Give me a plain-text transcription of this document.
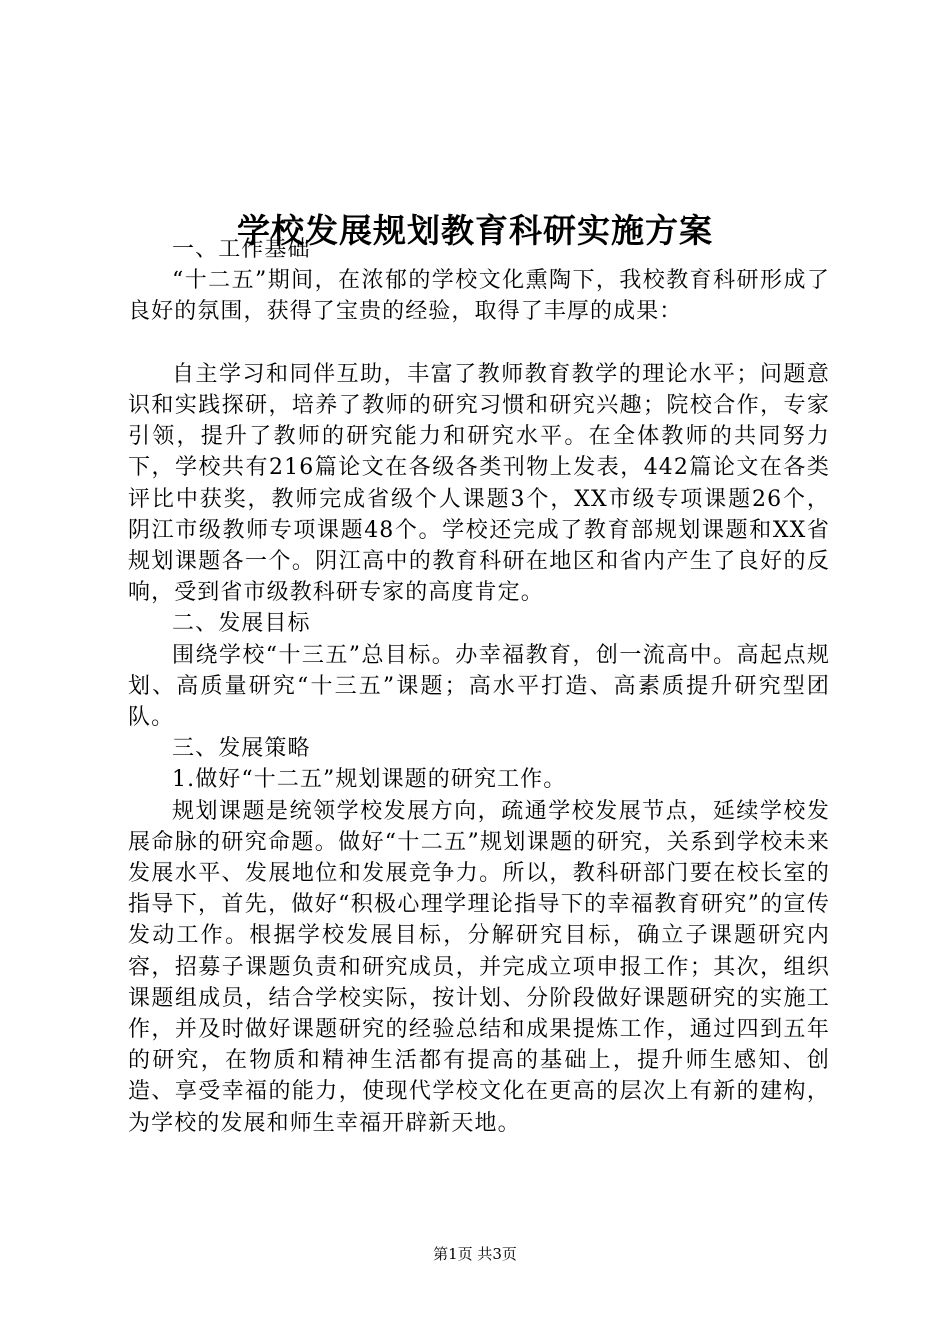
学校发展规划教育科研实施方案

一、工作基础

“十二五”期间，在浓郁的学校文化熏陶下，我校教育科研形成了良好的氛围，获得了宝贵的经验，取得了丰厚的成果：

自主学习和同伴互助，丰富了教师教育教学的理论水平；问题意识和实践探研，培养了教师的研究习惯和研究兴趣；院校合作，专家引领，提升了教师的研究能力和研究水平。在全体教师的共同努力下，学校共有216篇论文在各级各类刊物上发表，442篇论文在各类评比中获奖，教师完成省级个人课题3个，XX市级专项课题26个，阴江市级教师专项课题48个。学校还完成了教育部规划课题和XX省规划课题各一个。阴江高中的教育科研在地区和省内产生了良好的反响，受到省市级教科研专家的高度肯定。

二、发展目标

围绕学校“十三五”总目标。办幸福教育，创一流高中。高起点规划、高质量研究“十三五”课题；高水平打造、高素质提升研究型团队。

三、发展策略

1.做好“十二五”规划课题的研究工作。

规划课题是统领学校发展方向，疏通学校发展节点，延续学校发展命脉的研究命题。做好“十二五”规划课题的研究，关系到学校未来发展水平、发展地位和发展竞争力。所以，教科研部门要在校长室的指导下，首先，做好“积极心理学理论指导下的幸福教育研究”的宣传发动工作。根据学校发展目标，分解研究目标，确立子课题研究内容，招募子课题负责和研究成员，并完成立项申报工作；其次，组织课题组成员，结合学校实际，按计划、分阶段做好课题研究的实施工作，并及时做好课题研究的经验总结和成果提炼工作，通过四到五年的研究，在物质和精神生活都有提高的基础上，提升师生感知、创造、享受幸福的能力，使现代学校文化在更高的层次上有新的建构，为学校的发展和师生幸福开辟新天地。

第1页 共3页
